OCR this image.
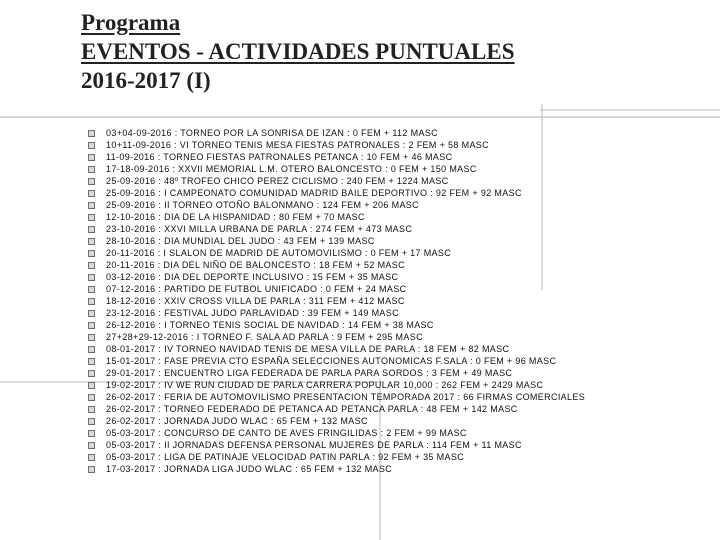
Programa
EVENTOS - ACTIVIDADES PUNTUALES
2016-2017 (I)
03+04-09-2016 : TORNEO POR LA SONRISA DE IZAN : 0 FEM + 112 MASC
10+11-09-2016 : VI TORNEO TENIS MESA FIESTAS PATRONALES : 2 FEM + 58 MASC
11-09-2016 : TORNEO FIESTAS PATRONALES PETANCA : 10 FEM + 46 MASC
17-18-09-2016 : XXVII MEMORIAL L.M. OTERO BALONCESTO : 0 FEM + 150 MASC
25-09-2016 : 48º TROFEO CHICO PEREZ CICLISMO : 240 FEM + 1224 MASC
25-09-2016 : I CAMPEONATO COMUNIDAD MADRID BAILE DEPORTIVO : 92 FEM + 92 MASC
25-09-2016 : II TORNEO OTOÑO BALONMANO : 124 FEM + 206 MASC
12-10-2016 : DIA DE LA HISPANIDAD : 80 FEM + 70 MASC
23-10-2016 : XXVI MILLA URBANA DE PARLA : 274 FEM + 473 MASC
28-10-2016 : DIA MUNDIAL DEL JUDO : 43 FEM + 139 MASC
20-11-2016 : I SLALON DE MADRID DE AUTOMOVILISMO : 0 FEM + 17 MASC
20-11-2016 : DIA DEL NIÑO DE BALONCESTO : 18 FEM + 52 MASC
03-12-2016 : DIA DEL DEPORTE INCLUSIVO : 15 FEM + 35 MASC
07-12-2016 : PARTIDO DE FUTBOL UNIFICADO : 0 FEM + 24 MASC
18-12-2016 : XXIV CROSS VILLA DE PARLA : 311 FEM + 412 MASC
23-12-2016 : FESTIVAL JUDO PARLAVIDAD : 39 FEM + 149 MASC
26-12-2016 : I TORNEO TENIS SOCIAL DE NAVIDAD : 14 FEM + 38 MASC
27+28+29-12-2016 : I TORNEO F. SALA AD PARLA : 9 FEM + 295 MASC
08-01-2017 : IV TORNEO NAVIDAD TENIS DE MESA VILLA DE PARLA : 18 FEM + 82 MASC
15-01-2017 : FASE PREVIA CTO ESPAÑA SELECCIONES AUTONOMICAS F.SALA : 0 FEM + 96 MASC
29-01-2017 : ENCUENTRO LIGA FEDERADA DE PARLA PARA SORDOS : 3 FEM + 49 MASC
19-02-2017 : IV WE RUN CIUDAD DE PARLA CARRERA POPULAR 10,000 : 262 FEM + 2429 MASC
26-02-2017 : FERIA DE AUTOMOVILISMO PRESENTACION TEMPORADA 2017 : 66 FIRMAS COMERCIALES
26-02-2017 : TORNEO FEDERADO DE PETANCA AD PETANCA PARLA : 48 FEM + 142 MASC
26-02-2017 : JORNADA JUDO WLAC : 65 FEM + 132 MASC
05-03-2017 : CONCURSO DE CANTO DE AVES FRINGILIDAS : 2 FEM + 99 MASC
05-03-2017 : II JORNADAS DEFENSA PERSONAL MUJERES DE PARLA : 114 FEM + 11 MASC
05-03-2017 : LIGA DE PATINAJE VELOCIDAD PATIN PARLA : 92 FEM + 35 MASC
17-03-2017 : JORNADA LIGA JUDO WLAC : 65 FEM + 132 MASC
